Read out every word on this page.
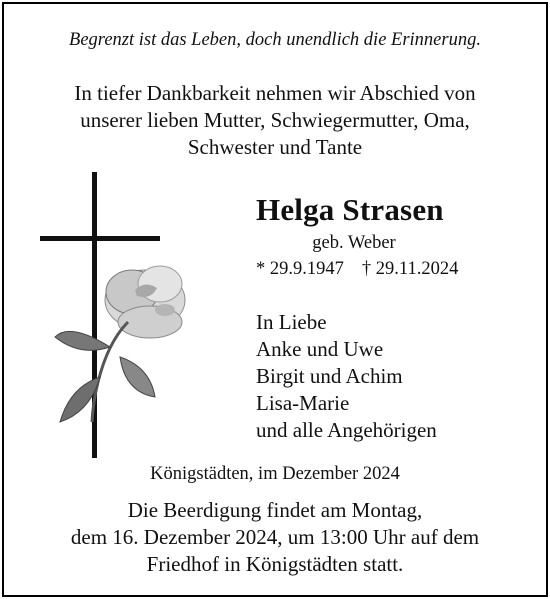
Begrenzt ist das Leben, doch unendlich die Erinnerung.
In tiefer Dankbarkeit nehmen wir Abschied von
unserer lieben Mutter, Schwiegermutter, Oma,
Schwester und Tante
Helga Strasen
geb. Weber
* 29.9.1947 † 29.11.2024
In Liebe
Anke und Uwe
Birgit und Achim
Lisa-Marie
und alle Angehörigen
Königstädten, im Dezember 2024
Die Beerdigung findet am Montag,
dem 16. Dezember 2024, um 13:00 Uhr auf dem
Friedhof in Königstädten statt.
